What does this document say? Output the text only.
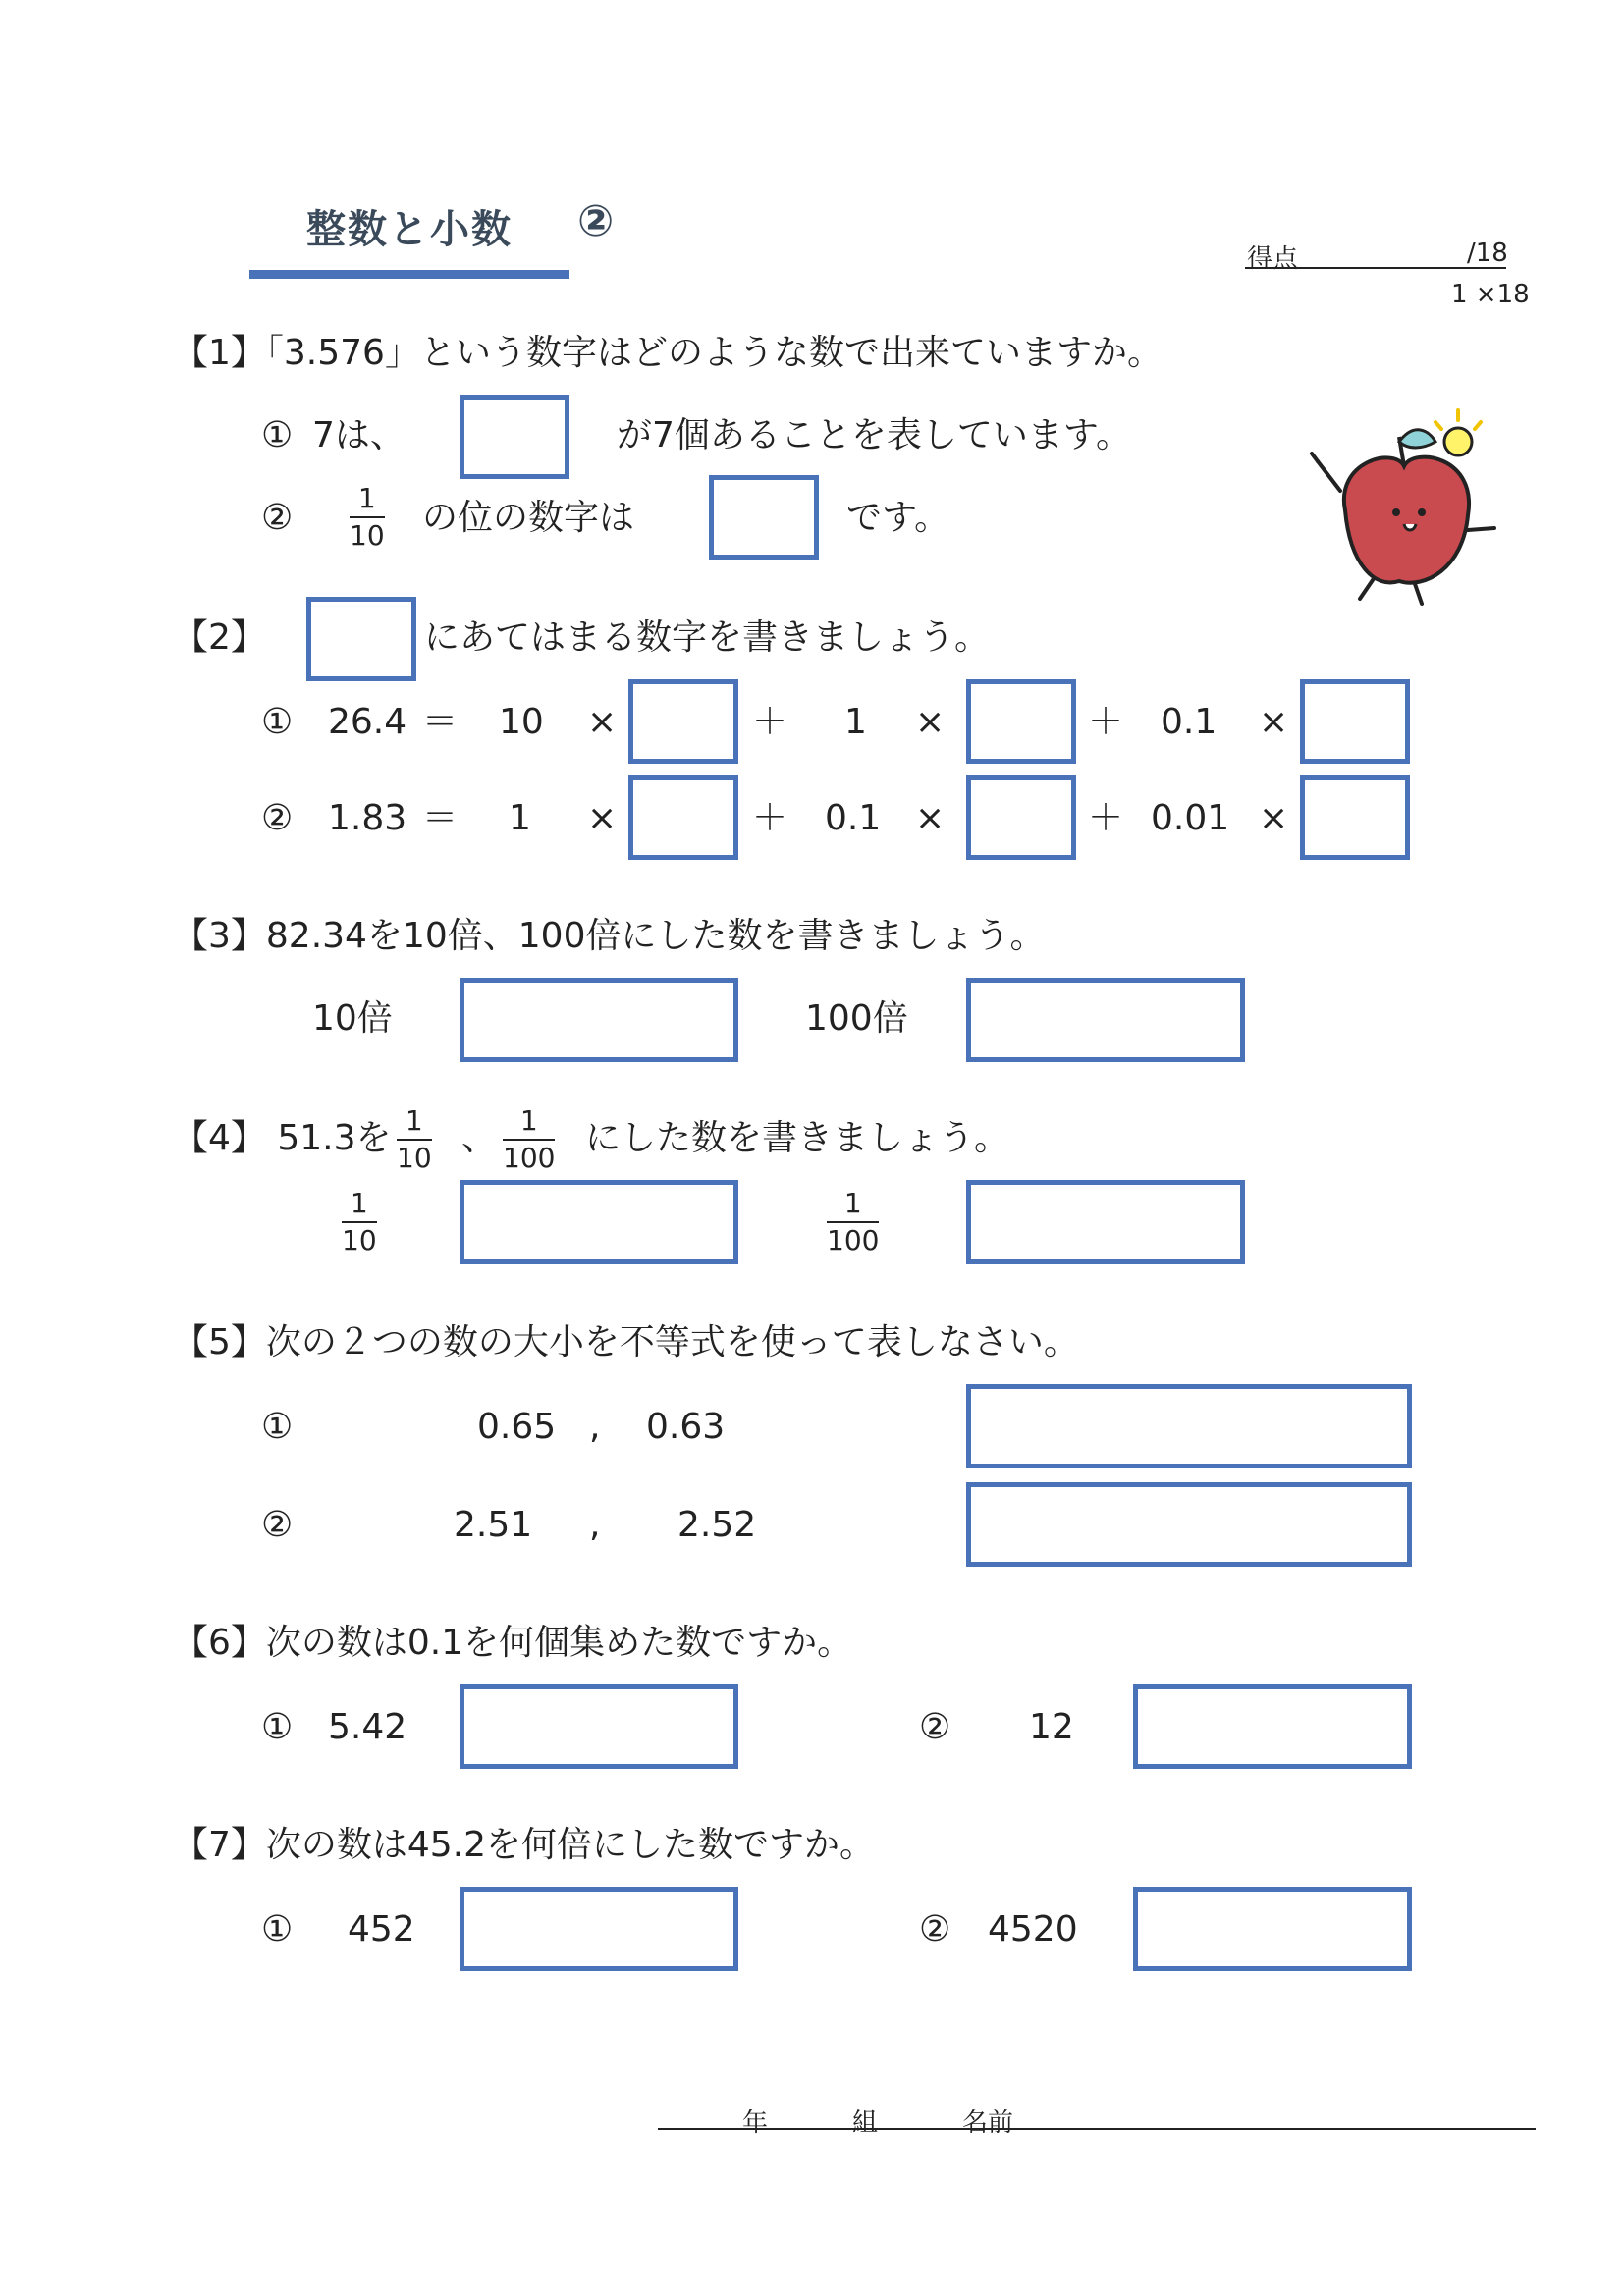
整数と小数 ②
得点	/18
1 ×18
【1】「3.576」という数字はどのような数で出来ていますか。
① 7は、	が7個あることを表しています。
② 1
10 の位の数字は	です。
【2】	にあてはまる数字を書きましょう。
① 26.4 ＝ 10 ×	＋ 1 ×	＋ 0.1 ×
② 1.83 ＝ 1 ×	＋ 0.1 ×	＋ 0.01 ×
【3】82.34を10倍、100倍にした数を書きましょう。
10倍	100倍
【4】 51.3を 1
10 、 1
100 にした数を書きましょう。
1
10
1
100
【5】次の２つの数の大小を不等式を使って表しなさい。
①	0.65 , 0.63
②	2.51 , 2.52
【6】次の数は0.1を何個集めた数ですか。
① 5.42	② 12
【7】次の数は45.2を何倍にした数ですか。
① 452	② 4520
年	組	名前
